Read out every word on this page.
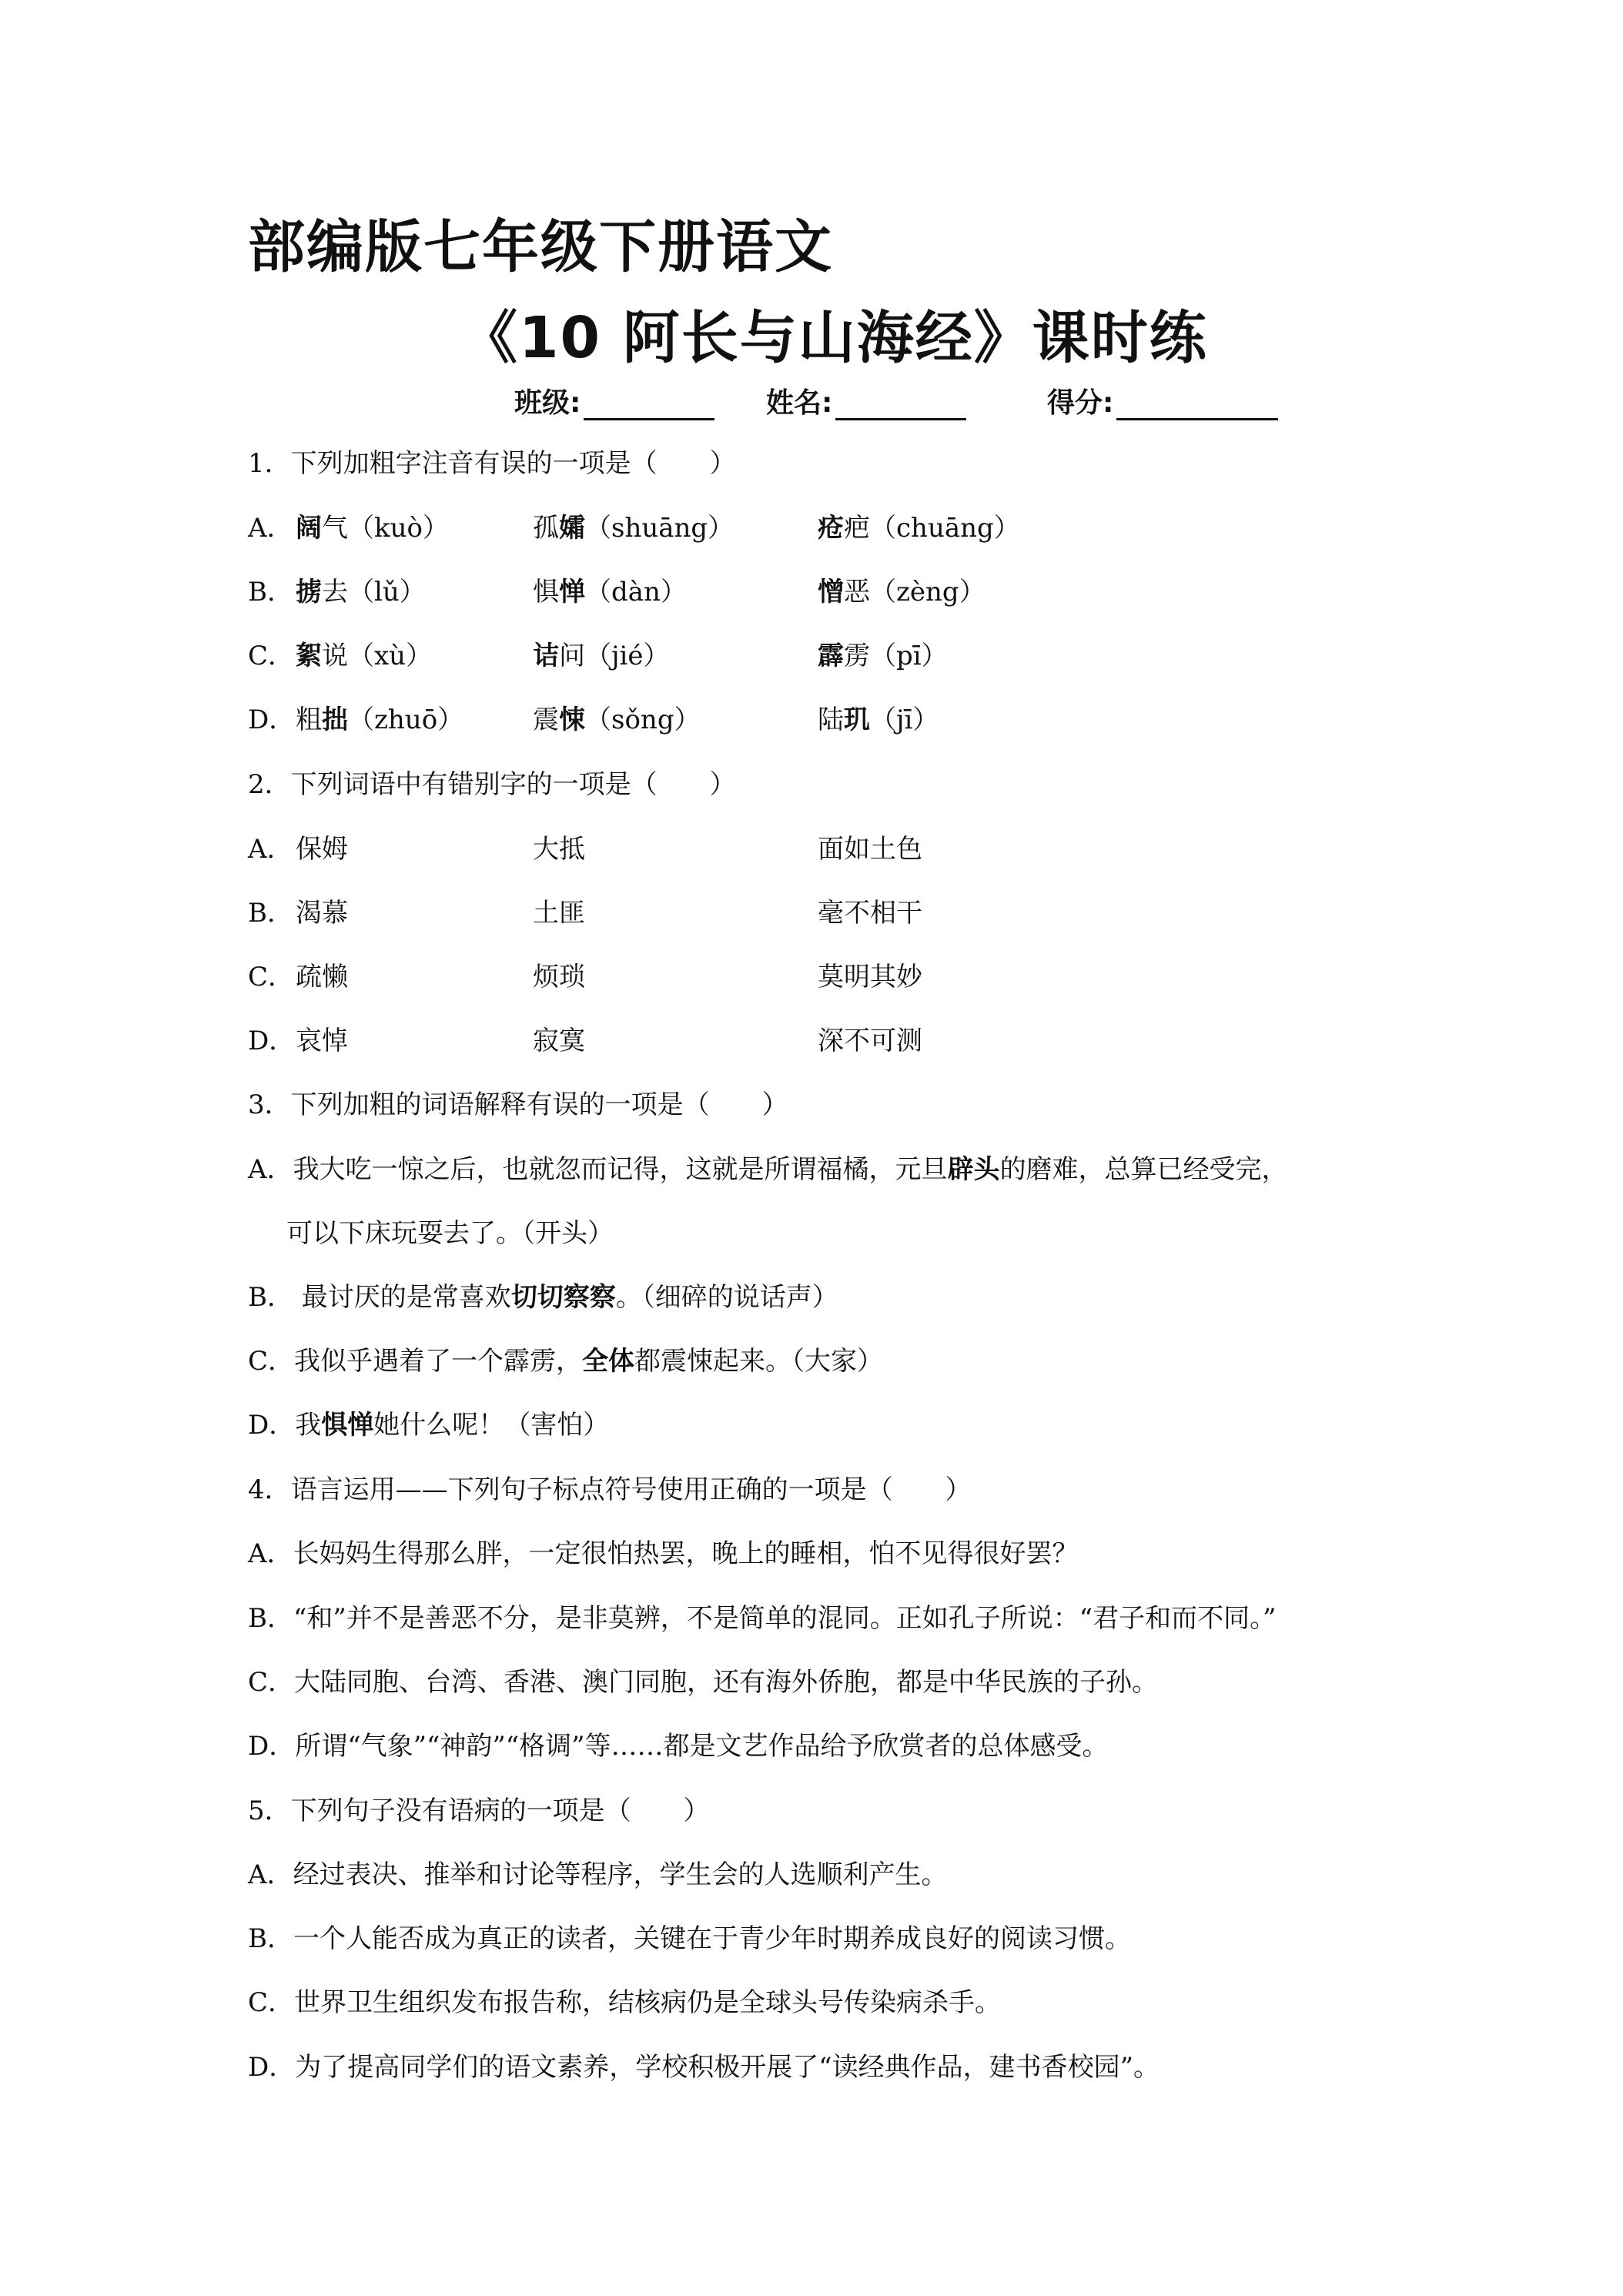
部编版七年级下册语文
《10 阿长与山海经》课时练
班级:	姓名:	得分:
1．下列加粗字注音有误的一项是（　　）
A． 阔气（kuò）	孤孀（shuāng）	疮疤（chuāng）
B． 掳去（lǔ）	惧惮（dàn）	憎恶（zèng）
C． 絮说（xù）	诘问（jié）	霹雳（pī）
D． 粗拙（zhuō）	震悚（sǒng）	陆玑（jī）
2．下列词语中有错别字的一项是（　　）
A． 保姆	大抵	面如土色
B． 渴慕	土匪	毫不相干
C． 疏懒	烦琐	莫明其妙
D． 哀悼	寂寞	深不可测
3．下列加粗的词语解释有误的一项是（　　）
A．我大吃一惊之后，也就忽而记得，这就是所谓福橘，元旦辟头的磨难，总算已经受完，
可以下床玩耍去了。（开头）
B． 最讨厌的是常喜欢切切察察。（细碎的说话声）
C．我似乎遇着了一个霹雳，全体都震悚起来。（大家）
D．我惧惮她什么呢！（害怕）
4．语言运用——下列句子标点符号使用正确的一项是（　　）
A．长妈妈生得那么胖，一定很怕热罢，晚上的睡相，怕不见得很好罢？
B．“和”并不是善恶不分，是非莫辨，不是简单的混同。正如孔子所说：“君子和而不同。”
C．大陆同胞、台湾、香港、澳门同胞，还有海外侨胞，都是中华民族的子孙。
D．所谓“气象”“神韵”“格调”等……都是文艺作品给予欣赏者的总体感受。
5．下列句子没有语病的一项是（　　）
A．经过表决、推举和讨论等程序，学生会的人选顺利产生。
B．一个人能否成为真正的读者，关键在于青少年时期养成良好的阅读习惯。
C．世界卫生组织发布报告称，结核病仍是全球头号传染病杀手。
D．为了提高同学们的语文素养，学校积极开展了“读经典作品，建书香校园”。
